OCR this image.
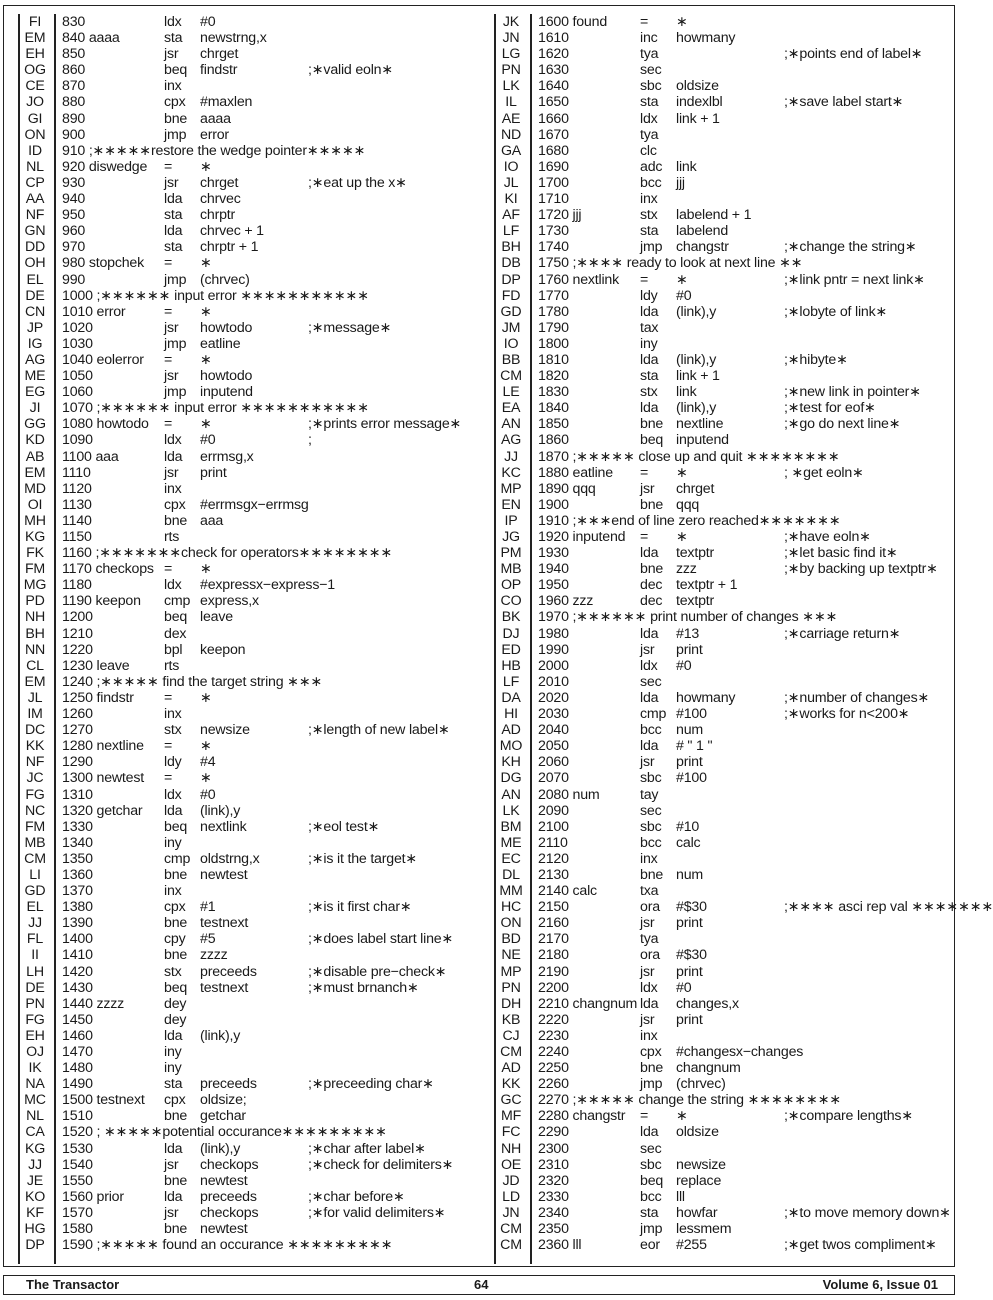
FI	830	ldx #0
EM	840 aaaa	sta newstrng,x
EH	850	jsr chrget
OG	860	beq findstr	;∗valid eoln∗
CE	870	inx
JO	880	cpx #maxlen
GI	890	bne aaaa
ON	900	jmp error
ID	910 ;∗∗∗∗∗restore the wedge pointer∗∗∗∗∗
NL	920 diswedge = ∗
CP	930	jsr chrget	;∗eat up the x∗
AA	940	lda chrvec
NF	950	sta chrptr
GN	960	lda chrvec + 1
DD	970	sta chrptr + 1
OH	980 stopchek = ∗
EL	990	jmp (chrvec)
DE	1000 ;∗∗∗∗∗∗ input error ∗∗∗∗∗∗∗∗∗∗∗
CN	1010 error	= ∗
JP	1020	jsr howtodo	;∗message∗
IG	1030	jmp eatline
AG	1040 eolerror = ∗
ME	1050	jsr howtodo
EG	1060	jmp inputend
JI	1070 ;∗∗∗∗∗∗ input error ∗∗∗∗∗∗∗∗∗∗∗
GG	1080 howtodo = ∗	;∗prints error message∗
KD	1090	ldx #0	;
AB	1100 aaa	lda errmsg,x
EM	1110	jsr print
MD	1120	inx
OI	1130	cpx #errmsgx−errmsg
MH	1140	bne aaa
KG	1150	rts
FK	1160 ;∗∗∗∗∗∗∗check for operators∗∗∗∗∗∗∗∗
FM	1170 checkops = ∗
MG	1180	ldx #expressx−express−1
PD	1190 keepon cmp express,x
NH	1200	beq leave
BH	1210	dex
NN	1220	bpl keepon
CL	1230 leave rts
EM	1240 ;∗∗∗∗∗ find the target string ∗∗∗
JL	1250 findstr = ∗
IM	1260	inx
DC	1270	stx newsize	;∗length of new label∗
KK	1280 nextline = ∗
NF	1290	ldy #4
JC	1300 newtest = ∗
FG	1310	ldx #0
NC	1320 getchar lda (link),y
FM	1330	beq nextlink	;∗eol test∗
MB	1340	iny
CM	1350	cmp oldstrng,x	;∗is it the target∗
LI	1360	bne newtest
GD	1370	inx
EL	1380	cpx #1	;∗is it first char∗
JJ	1390	bne testnext
FL	1400	cpy #5	;∗does label start line∗
II	1410	bne zzzz
LH	1420	stx preceeds	;∗disable pre−check∗
DE	1430	beq testnext	;∗must brnanch∗
PN	1440 zzzz	dey
FG	1450	dey
EH	1460	lda (link),y
OJ	1470	iny
IK	1480	iny
NA	1490	sta preceeds	;∗preceeding char∗
MC	1500 testnext cpx oldsize;
NL	1510	bne getchar
CA	1520 ; ∗∗∗∗∗potential occurance∗∗∗∗∗∗∗∗∗
KG	1530	lda (link),y	;∗char after label∗
JJ	1540	jsr checkops	;∗check for delimiters∗
JE	1550	bne newtest
KO	1560 prior	lda preceeds	;∗char before∗
KF	1570	jsr checkops	;∗for valid delimiters∗
HG	1580	bne newtest
DP	1590 ;∗∗∗∗∗ found an occurance ∗∗∗∗∗∗∗∗∗
JK	1600 found = ∗
JN	1610	inc howmany
LG	1620	tya	;∗points end of label∗
PN	1630	sec
LK	1640	sbc oldsize
IL	1650	sta indexlbl	;∗save label start∗
AE	1660	ldx link + 1
ND	1670	tya
GA	1680	clc
IO	1690	adc link
JL	1700	bcc jjj
KI	1710	inx
AF	1720 jjj	stx labelend + 1
LF	1730	sta labelend
BH	1740	jmp changstr	;∗change the string∗
DB	1750 ;∗∗∗∗ ready to look at next line ∗∗
DP	1760 nextlink = ∗	;∗link pntr = next link∗
FD	1770	ldy #0
GD	1780	lda (link),y	;∗lobyte of link∗
JM	1790	tax
IO	1800	iny
BB	1810	lda (link),y	;∗hibyte∗
CM	1820	sta link + 1
LE	1830	stx link	;∗new link in pointer∗
EA	1840	lda (link),y	;∗test for eof∗
AN	1850	bne nextline	;∗go do next line∗
AG	1860	beq inputend
JJ	1870 ;∗∗∗∗∗ close up and quit ∗∗∗∗∗∗∗∗
KC	1880 eatline = ∗	; ∗get eoln∗
MP	1890 qqq	jsr chrget
EN	1900	bne qqq
IP	1910 ;∗∗∗end of line zero reached∗∗∗∗∗∗∗
JG	1920 inputend = ∗	;∗have eoln∗
PM	1930	lda textptr	;∗let basic find it∗
MB	1940	bne zzz	;∗by backing up textptr∗
OP	1950	dec textptr + 1
CO	1960 zzz	dec textptr
BK	1970 ;∗∗∗∗∗∗ print number of changes ∗∗∗
DJ	1980	lda #13	;∗carriage return∗
ED	1990	jsr print
HB	2000	ldx #0
LF	2010	sec
DA	2020	lda howmany	;∗number of changes∗
HI	2030	cmp #100	;∗works for n<200∗
AD	2040	bcc num
MO	2050	lda # " 1 "
KH	2060	jsr print
DG	2070	sbc #100
AN	2080 num	tay
LK	2090	sec
BM	2100	sbc #10
ME	2110	bcc calc
EC	2120	inx
DL	2130	bne num
MM	2140 calc	txa
HC	2150	ora #$30	;∗∗∗∗ asci rep val ∗∗∗∗∗∗∗
ON	2160	jsr print
BD	2170	tya
NE	2180	ora #$30
MP	2190	jsr print
PN	2200	ldx #0
DH	2210 changnum lda changes,x
KB	2220	jsr print
CJ	2230	inx
CM	2240	cpx #changesx−changes
AD	2250	bne changnum
KK	2260	jmp (chrvec)
GC	2270 ;∗∗∗∗∗ change the string ∗∗∗∗∗∗∗∗
MF	2280 changstr = ∗	;∗compare lengths∗
FC	2290	lda oldsize
NH	2300	sec
OE	2310	sbc newsize
JD	2320	beq replace
LD	2330	bcc lll
JN	2340	sta howfar	;∗to move memory down∗
CM	2350	jmp lessmem
CM	2360 lll	eor #255	;∗get twos compliment∗
The Transactor	64	Volume 6, Issue 01
